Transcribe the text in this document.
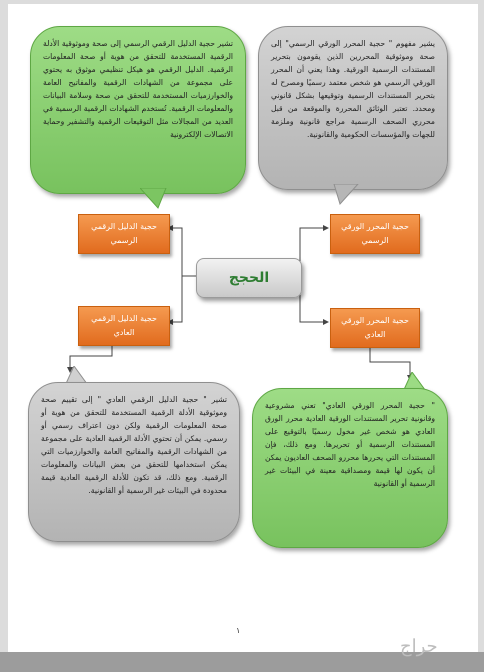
تشير حجية الدليل الرقمي الرسمي إلى صحة وموثوقية الأدلة الرقمية المستخدمة للتحقق من هوية أو صحة المعلومات الرقمية. الدليل الرقمي هو هيكل تنظيمي موثوق به يحتوي على مجموعة من الشهادات الرقمية والمفاتيح العامة والخوارزميات المستخدمة للتحقق من صحة وسلامة البيانات والمعلومات الرقمية. تُستخدم الشهادات الرقمية الرسمية في العديد من المجالات مثل التوقيعات الرقمية والتشفير وحماية الاتصالات الإلكترونية
يشير مفهوم " حجية المحرر الورقي الرسمي" إلى صحة وموثوقية المحررين الذين يقومون بتحرير المستندات الرسمية الورقية. وهذا يعني أن المحرر الورقي الرسمي هو شخص معتمد رسميًا ومصرح له بتحرير المستندات الرسمية وتوقيعها بشكل قانوني ومحدد. تعتبر الوثائق المحررة والموقعة من قبل محرري الصحف الرسمية مراجع قانونية وملزمة للجهات والمؤسسات الحكومية والقانونية.
حجية الدليل الرقمي الرسمي
حجية المحرر الورقي الرسمي
حجية الدليل الرقمي العادي
حجية المحرر الورقي العادي
الحجج
تشير " حجية الدليل الرقمي العادي " إلى تقييم صحة وموثوقية الأدلة الرقمية المستخدمة للتحقق من هوية أو صحة المعلومات الرقمية ولكن دون اعتراف رسمي أو رسمي. يمكن أن تحتوي الأدلة الرقمية العادية على مجموعة من الشهادات الرقمية والمفاتيح العامة والخوارزميات التي يمكن استخدامها للتحقق من بعض البيانات والمعلومات الرقمية. ومع ذلك، قد تكون للأدلة الرقمية العادية قيمة محدودة في البيئات غير الرسمية أو القانونية.
" حجية المحرر الورقي العادي" تعني مشروعية وقانونية تحرير المستندات الورقية العادية محرر الورق العادي هو شخص غير مخول رسميًا بالتوقيع على المستندات الرسمية أو تحريرها. ومع ذلك، فإن المستندات التي يحررها محررو الصحف العاديون يمكن أن يكون لها قيمة ومصداقية معينة في البيئات غير الرسمية أو القانونية
١
حراج
